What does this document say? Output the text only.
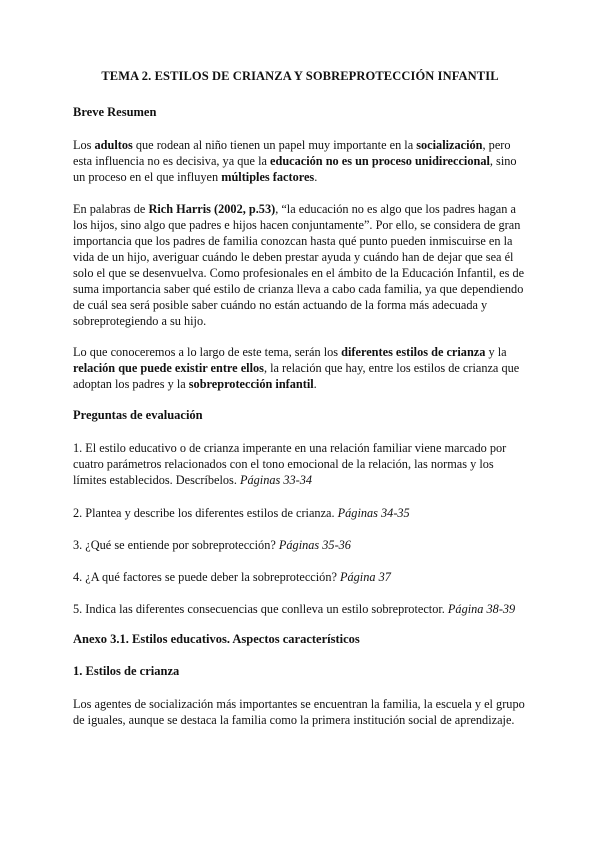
TEMA 2. ESTILOS DE CRIANZA Y SOBREPROTECCIÓN INFANTIL
Breve Resumen

Los adultos que rodean al niño tienen un papel muy importante en la socialización, pero esta influencia no es decisiva, ya que la educación no es un proceso unidireccional, sino un proceso en el que influyen múltiples factores.

En palabras de Rich Harris (2002, p.53), “la educación no es algo que los padres hagan a los hijos, sino algo que padres e hijos hacen conjuntamente”. Por ello, se considera de gran importancia que los padres de familia conozcan hasta qué punto pueden inmiscuirse en la vida de un hijo, averiguar cuándo le deben prestar ayuda y cuándo han de dejar que sea él solo el que se desenvuelva. Como profesionales en el ámbito de la Educación Infantil, es de suma importancia saber qué estilo de crianza lleva a cabo cada familia, ya que dependiendo de cuál sea será posible saber cuándo no están actuando de la forma más adecuada y sobreprotegiendo a su hijo.

Lo que conoceremos a lo largo de este tema, serán los diferentes estilos de crianza y la relación que puede existir entre ellos, la relación que hay, entre los estilos de crianza que adoptan los padres y la sobreprotección infantil.

Preguntas de evaluación

1. El estilo educativo o de crianza imperante en una relación familiar viene marcado por cuatro parámetros relacionados con el tono emocional de la relación, las normas y los límites establecidos. Descríbelos. Páginas 33-34

2. Plantea y describe los diferentes estilos de crianza. Páginas 34-35

3. ¿Qué se entiende por sobreprotección? Páginas 35-36

4. ¿A qué factores se puede deber la sobreprotección? Página 37

5. Indica las diferentes consecuencias que conlleva un estilo sobreprotector. Página 38-39

Anexo 3.1. Estilos educativos. Aspectos característicos
1. Estilos de crianza

Los agentes de socialización más importantes se encuentran la familia, la escuela y el grupo de iguales, aunque se destaca la familia como la primera institución social de aprendizaje.
